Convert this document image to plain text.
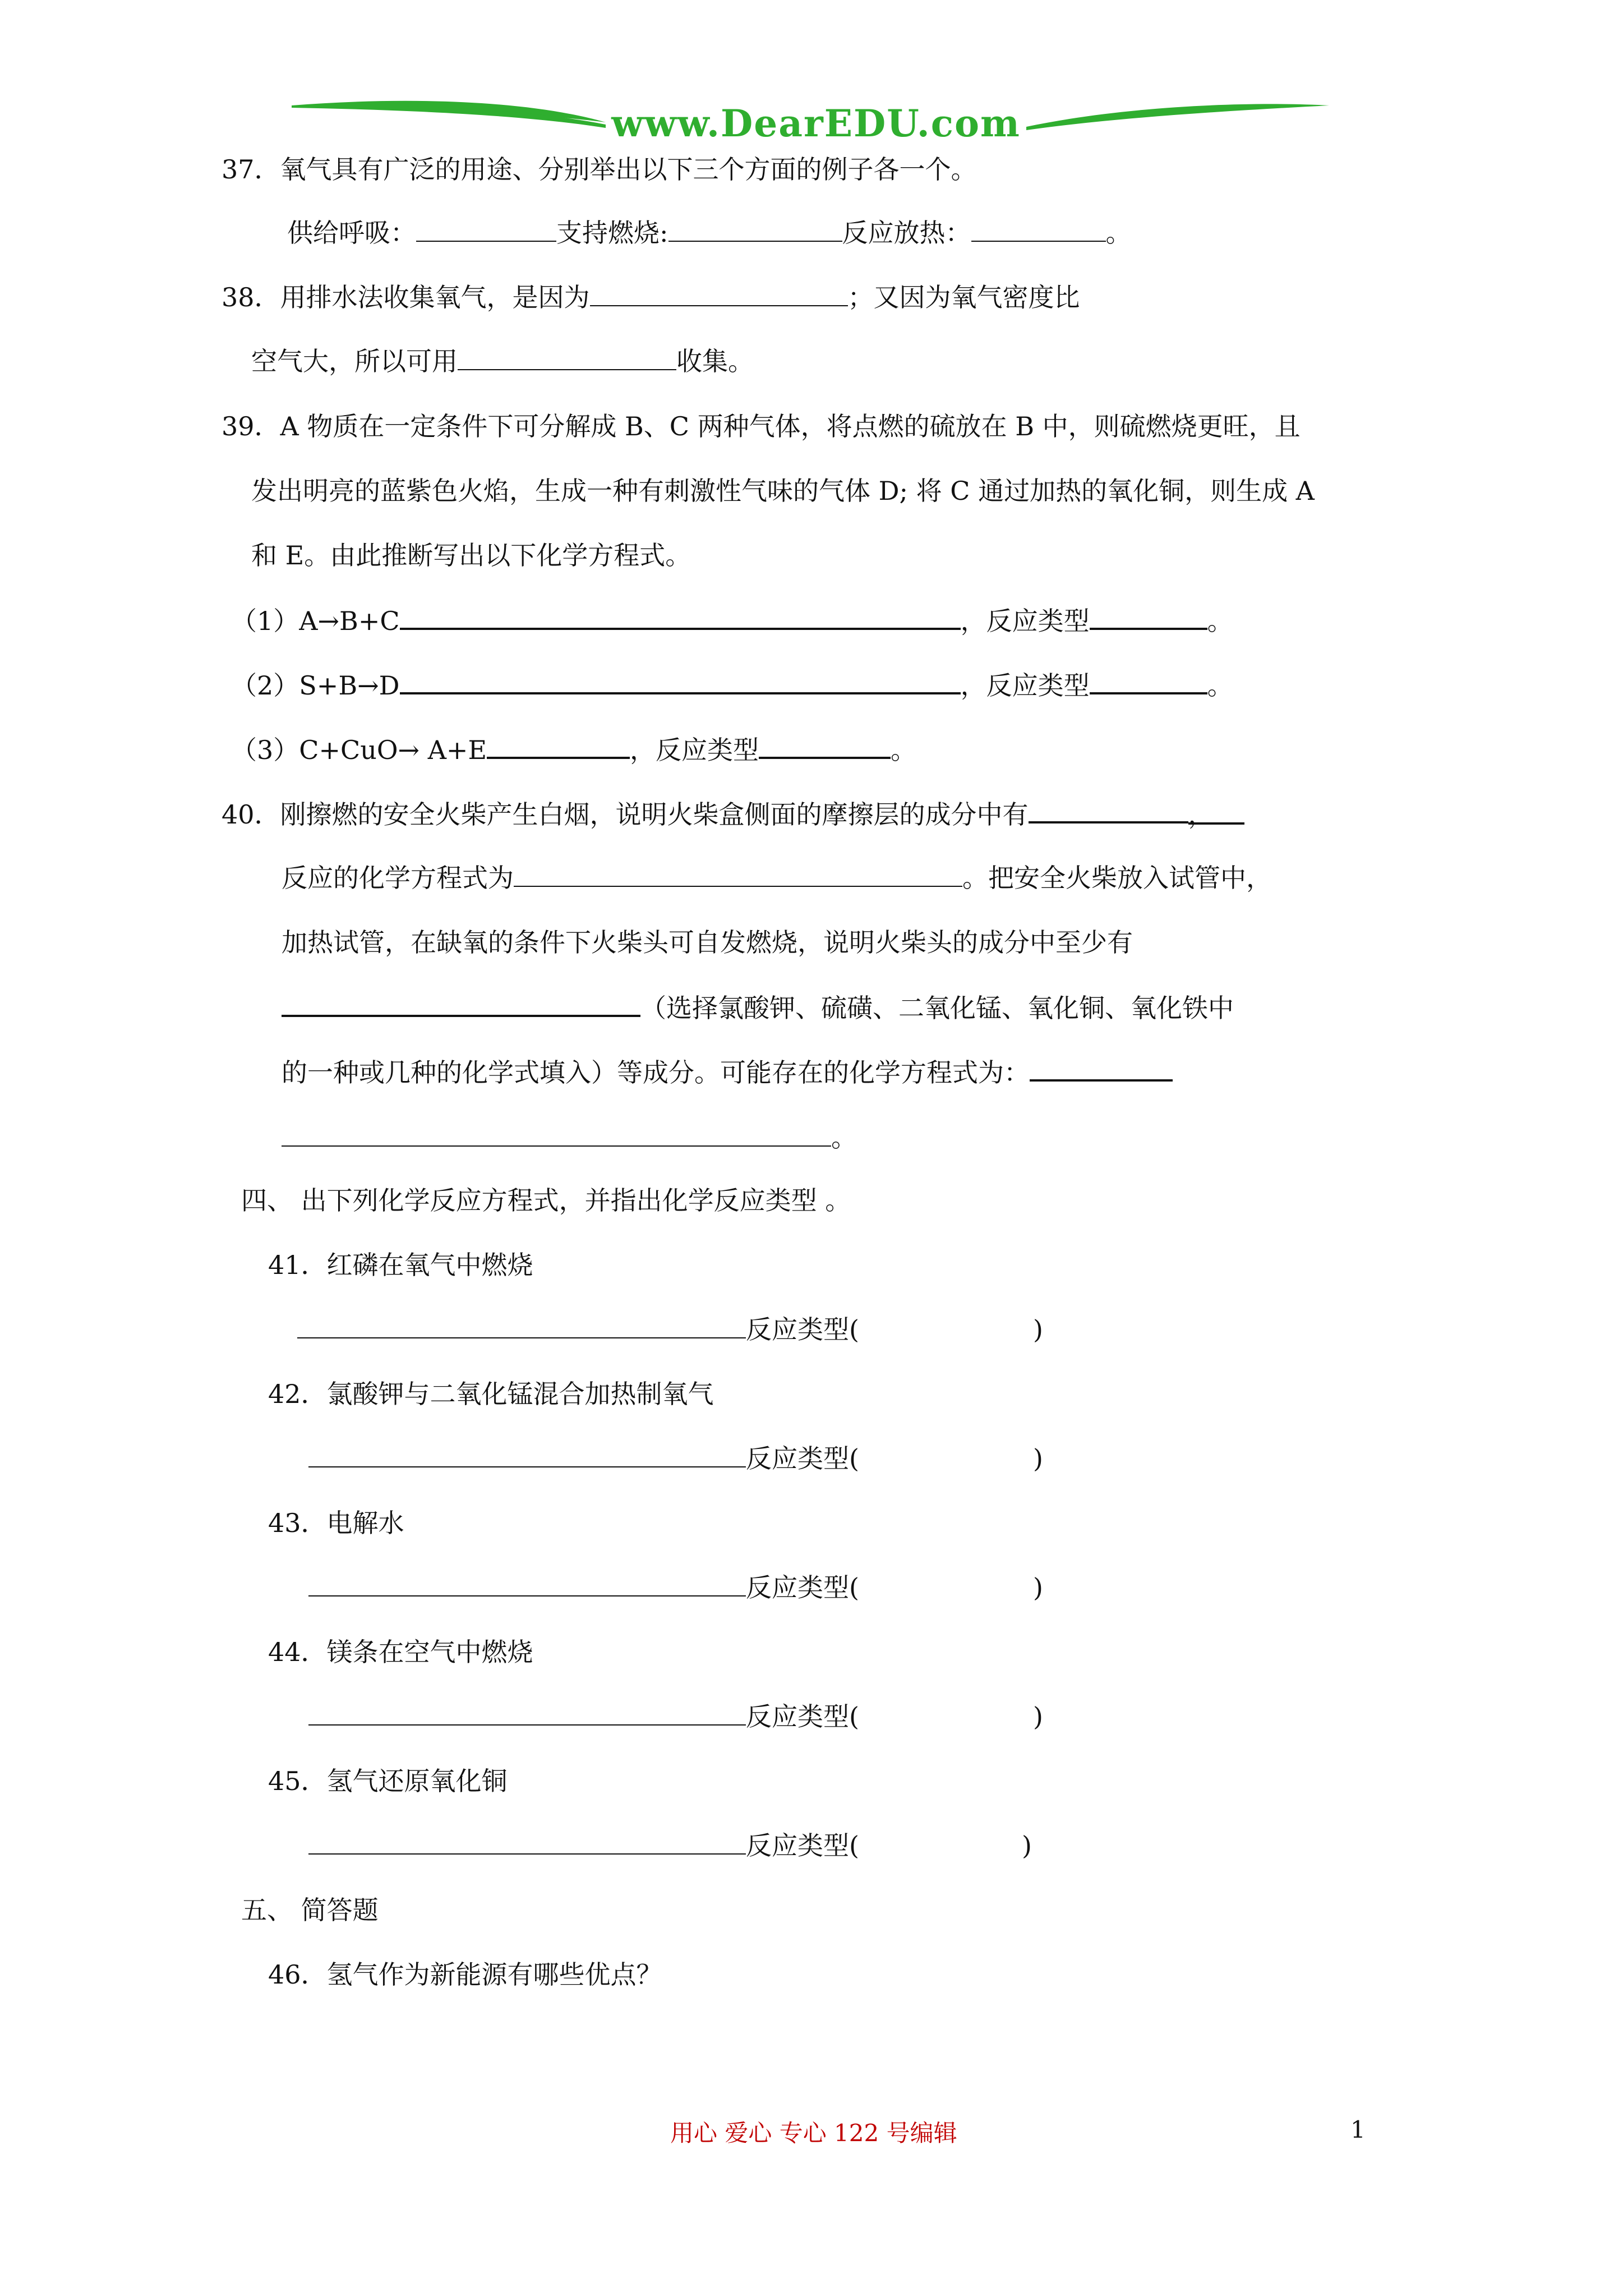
www.DearEDU.com
37．氧气具有广泛的用途、分别举出以下三个方面的例子各一个。
供给呼吸：	支持燃烧:	反应放热：	。
38．用排水法收集氧气，是因为	；又因为氧气密度比
空气大，所以可用	收集。
39．A 物质在一定条件下可分解成 B、C 两种气体，将点燃的硫放在 B 中，则硫燃烧更旺，且
发出明亮的蓝紫色火焰，生成一种有刺激性气味的气体 D; 将 C 通过加热的氧化铜，则生成 A
和 E。由此推断写出以下化学方程式。
（1）A→B+C	，反应类型	。
（2）S+B→D	，反应类型	。
（3）C+CuO→ A+E	，反应类型	。
40．刚擦燃的安全火柴产生白烟，说明火柴盒侧面的摩擦层的成分中有	，
反应的化学方程式为	。把安全火柴放入试管中，
加热试管，在缺氧的条件下火柴头可自发燃烧，说明火柴头的成分中至少有
（选择氯酸钾、硫磺、二氧化锰、氧化铜、氧化铁中
的一种或几种的化学式填入）等成分。可能存在的化学方程式为：
。
四、 出下列化学反应方程式，并指出化学反应类型 。
41．红磷在氧气中燃烧
反应类型(	)
42．氯酸钾与二氧化锰混合加热制氧气
反应类型(	)
43．电解水
反应类型(	)
44．镁条在空气中燃烧
反应类型(	)
45．氢气还原氧化铜
反应类型(	)
五、 简答题
46．氢气作为新能源有哪些优点？
用心 爱心 专心 122 号编辑	1
